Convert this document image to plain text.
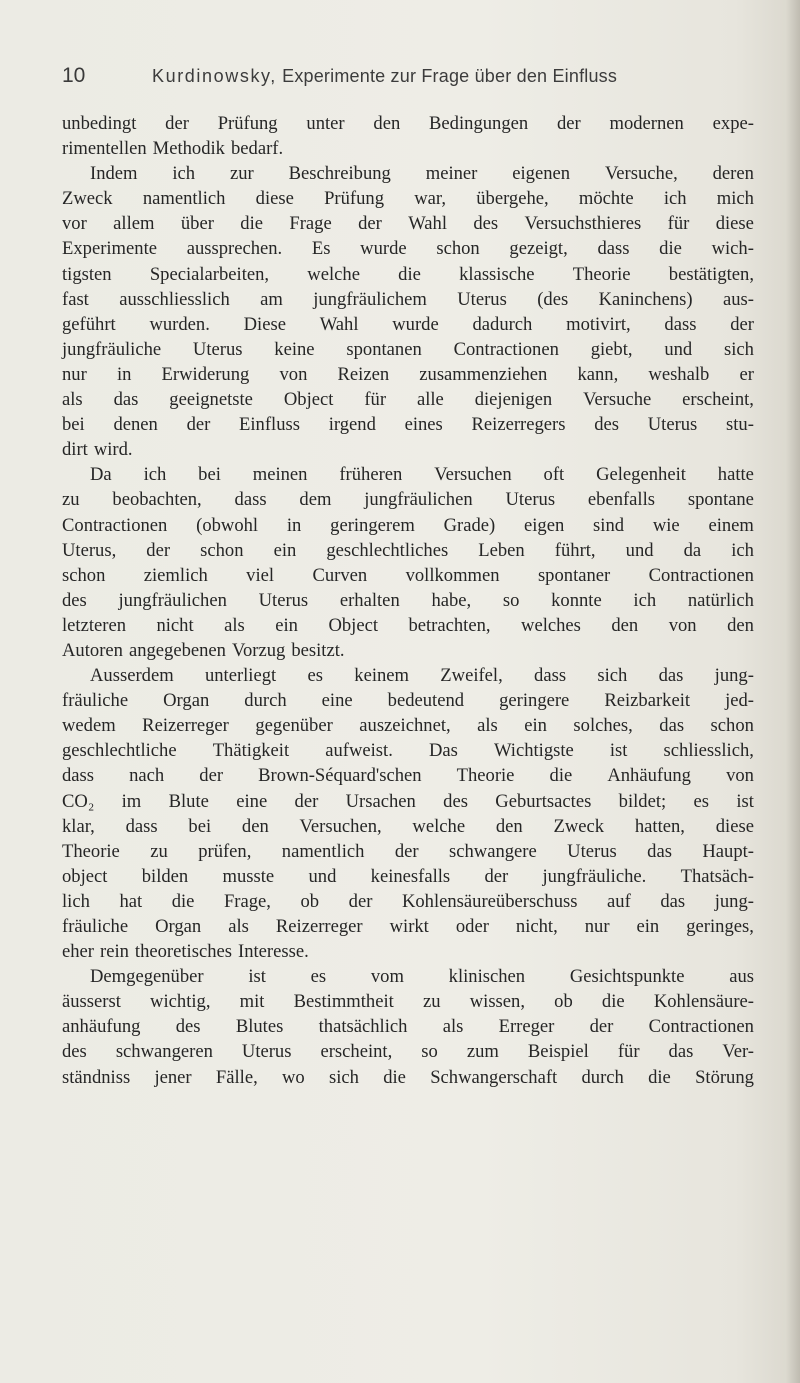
10	Kurdinowsky, Experimente zur Frage über den Einfluss
unbedingt der Prüfung unter den Bedingungen der modernen expe-
rimentellen Methodik bedarf.
Indem ich zur Beschreibung meiner eigenen Versuche, deren
Zweck namentlich diese Prüfung war, übergehe, möchte ich mich
vor allem über die Frage der Wahl des Versuchsthieres für diese
Experimente aussprechen. Es wurde schon gezeigt, dass die wich-
tigsten Specialarbeiten, welche die klassische Theorie bestätigten,
fast ausschliesslich am jungfräulichem Uterus (des Kaninchens) aus-
geführt wurden. Diese Wahl wurde dadurch motivirt, dass der
jungfräuliche Uterus keine spontanen Contractionen giebt, und sich
nur in Erwiderung von Reizen zusammenziehen kann, weshalb er
als das geeignetste Object für alle diejenigen Versuche erscheint,
bei denen der Einfluss irgend eines Reizerregers des Uterus stu-
dirt wird.
Da ich bei meinen früheren Versuchen oft Gelegenheit hatte
zu beobachten, dass dem jungfräulichen Uterus ebenfalls spontane
Contractionen (obwohl in geringerem Grade) eigen sind wie einem
Uterus, der schon ein geschlechtliches Leben führt, und da ich
schon ziemlich viel Curven vollkommen spontaner Contractionen
des jungfräulichen Uterus erhalten habe, so konnte ich natürlich
letzteren nicht als ein Object betrachten, welches den von den
Autoren angegebenen Vorzug besitzt.
Ausserdem unterliegt es keinem Zweifel, dass sich das jung-
fräuliche Organ durch eine bedeutend geringere Reizbarkeit jed-
wedem Reizerreger gegenüber auszeichnet, als ein solches, das schon
geschlechtliche Thätigkeit aufweist. Das Wichtigste ist schliesslich,
dass nach der Brown-Séquard'schen Theorie die Anhäufung von
CO₂ im Blute eine der Ursachen des Geburtsactes bildet; es ist
klar, dass bei den Versuchen, welche den Zweck hatten, diese
Theorie zu prüfen, namentlich der schwangere Uterus das Haupt-
object bilden musste und keinesfalls der jungfräuliche. Thatsäch-
lich hat die Frage, ob der Kohlensäureüberschuss auf das jung-
fräuliche Organ als Reizerreger wirkt oder nicht, nur ein geringes,
eher rein theoretisches Interesse.
Demgegenüber ist es vom klinischen Gesichtspunkte aus
äusserst wichtig, mit Bestimmtheit zu wissen, ob die Kohlensäure-
anhäufung des Blutes thatsächlich als Erreger der Contractionen
des schwangeren Uterus erscheint, so zum Beispiel für das Ver-
ständniss jener Fälle, wo sich die Schwangerschaft durch die Störung
